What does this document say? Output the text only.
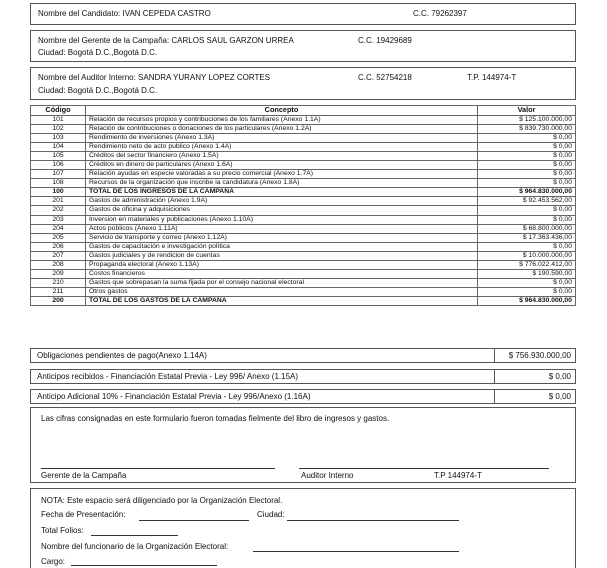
Nombre del Candidato: IVAN CEPEDA CASTRO	C.C. 79262397
Nombre del Gerente de la Campaña: CARLOS SAUL GARZON URREA	C.C. 19429689
Ciudad: Bogotá D.C.,Bogotá D.C.
Nombre del Auditor Interno: SANDRA YURANY LOPEZ CORTES	C.C. 52754218	T.P. 144974-T
Ciudad: Bogotá D.C.,Bogotá D.C.
Código	Concepto	Valor
101	Relación de recursos propios y contribuciones de los familiares (Anexo 1.1A)	$ 125.100.000,00
102	Relación de contribuciones o donaciones de los particulares (Anexo 1.2A)	$ 839.730.000,00
103	Rendimiento de inversiones (Anexo 1.3A)	$ 0,00
104	Rendimiento neto de acto publico (Anexo 1.4A)	$ 0,00
105	Créditos del sector financiero (Anexo 1.5A)	$ 0,00
106	Créditos en dinero de particulares (Anexo 1.6A)	$ 0,00
107	Relación ayudas en especie valoradas a su precio comercial (Anexo 1.7A)	$ 0,00
108	Recursos de la organización que inscribe la candidatura (Anexo 1.8A)	$ 0,00
100	TOTAL DE LOS INGRESOS DE LA CAMPAÑA	$ 964.830.000,00
201	Gastos de administración (Anexo 1.9A)	$ 92.453.562,00
202	Gastos de oficina y adquisiciones	$ 0,00
203	Inversion en materiales y publicaciones (Anexo 1.10A)	$ 0,00
204	Actos públicos (Anexo 1.11A)	$ 68.800.000,00
205	Servicio de transporte y correo (Anexo 1.12A)	$ 17.363.436,00
206	Gastos de capacitación e investigación política	$ 0,00
207	Gastos judiciales y de rendicion de cuentas	$ 10.000.000,00
208	Propaganda electoral (Anexo 1.13A)	$ 776.022.412,00
209	Costos financieros	$ 190.590,00
210	Gastos que sobrepasan la suma fijada por el consejo nacional electoral	$ 0,00
211	Otros gastos	$ 0,00
200	TOTAL DE LOS GASTOS DE LA CAMPAÑA	$ 964.830.000,00
Obligaciones pendientes de pago(Anexo 1.14A)	$ 756.930.000,00
Anticipos recibidos - Financiación Estatal Previa - Ley 996/ Anexo (1.15A)	$ 0,00
Anticipo Adicional 10% - Financiación Estatal Previa - Ley 996/Anexo (1.16A)	$ 0,00
Las cifras consignadas en este formulario fueron tomadas fielmente del libro de ingresos y gastos.
Gerente de la Campaña	Auditor Interno	T.P 144974-T
NOTA: Este espacio será diligenciado por la Organización Electoral.
Fecha de Presentación:	Ciudad:
Total Folios:
Nombre del funcionario de la Organización Electoral:
Cargo:
